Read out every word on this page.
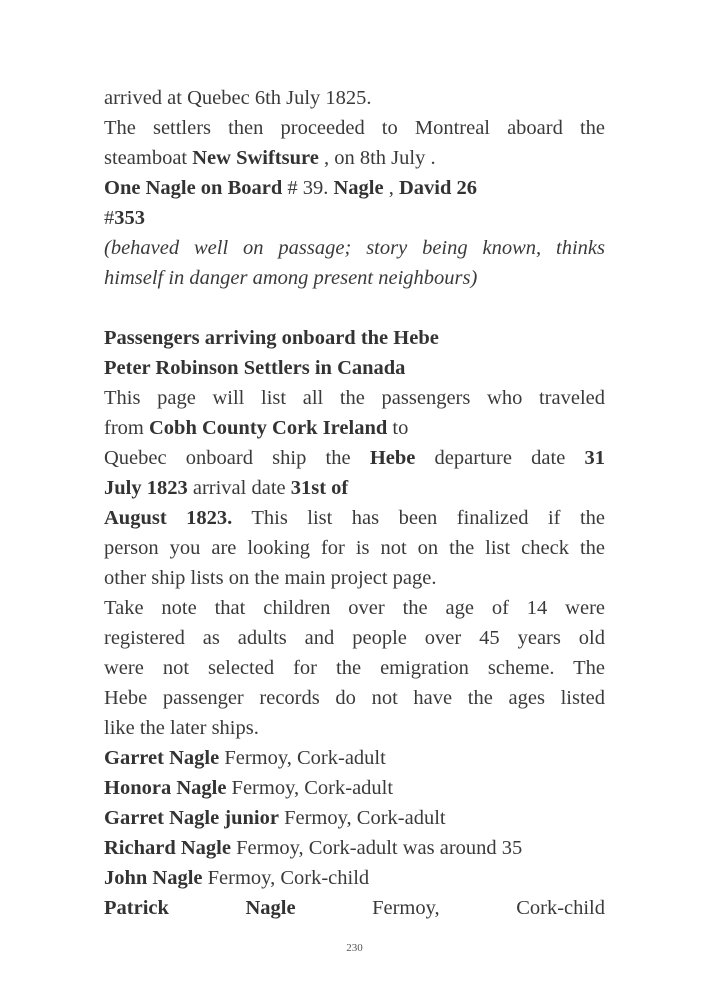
arrived at Quebec 6th July 1825.
The settlers then proceeded to Montreal aboard the
steamboat New Swiftsure , on 8th July .
One Nagle on Board # 39. Nagle , David 26
#353
(behaved well on passage; story being known, thinks
himself in danger among present neighbours)
Passengers arriving onboard the Hebe
Peter Robinson Settlers in Canada
This page will list all the passengers who traveled
from Cobh County Cork Ireland to
Quebec onboard ship the Hebe departure date 31
July 1823 arrival date 31st of
August 1823. This list has been finalized if the
person you are looking for is not on the list check the
other ship lists on the main project page.
Take note that children over the age of 14 were
registered as adults and people over 45 years old
were not selected for the emigration scheme. The
Hebe passenger records do not have the ages listed
like the later ships.
Garret Nagle Fermoy, Cork-adult
Honora Nagle Fermoy, Cork-adult
Garret Nagle junior Fermoy, Cork-adult
Richard Nagle Fermoy, Cork-adult was around 35
John Nagle Fermoy, Cork-child
Patrick	Nagle	Fermoy,	Cork-child
230
